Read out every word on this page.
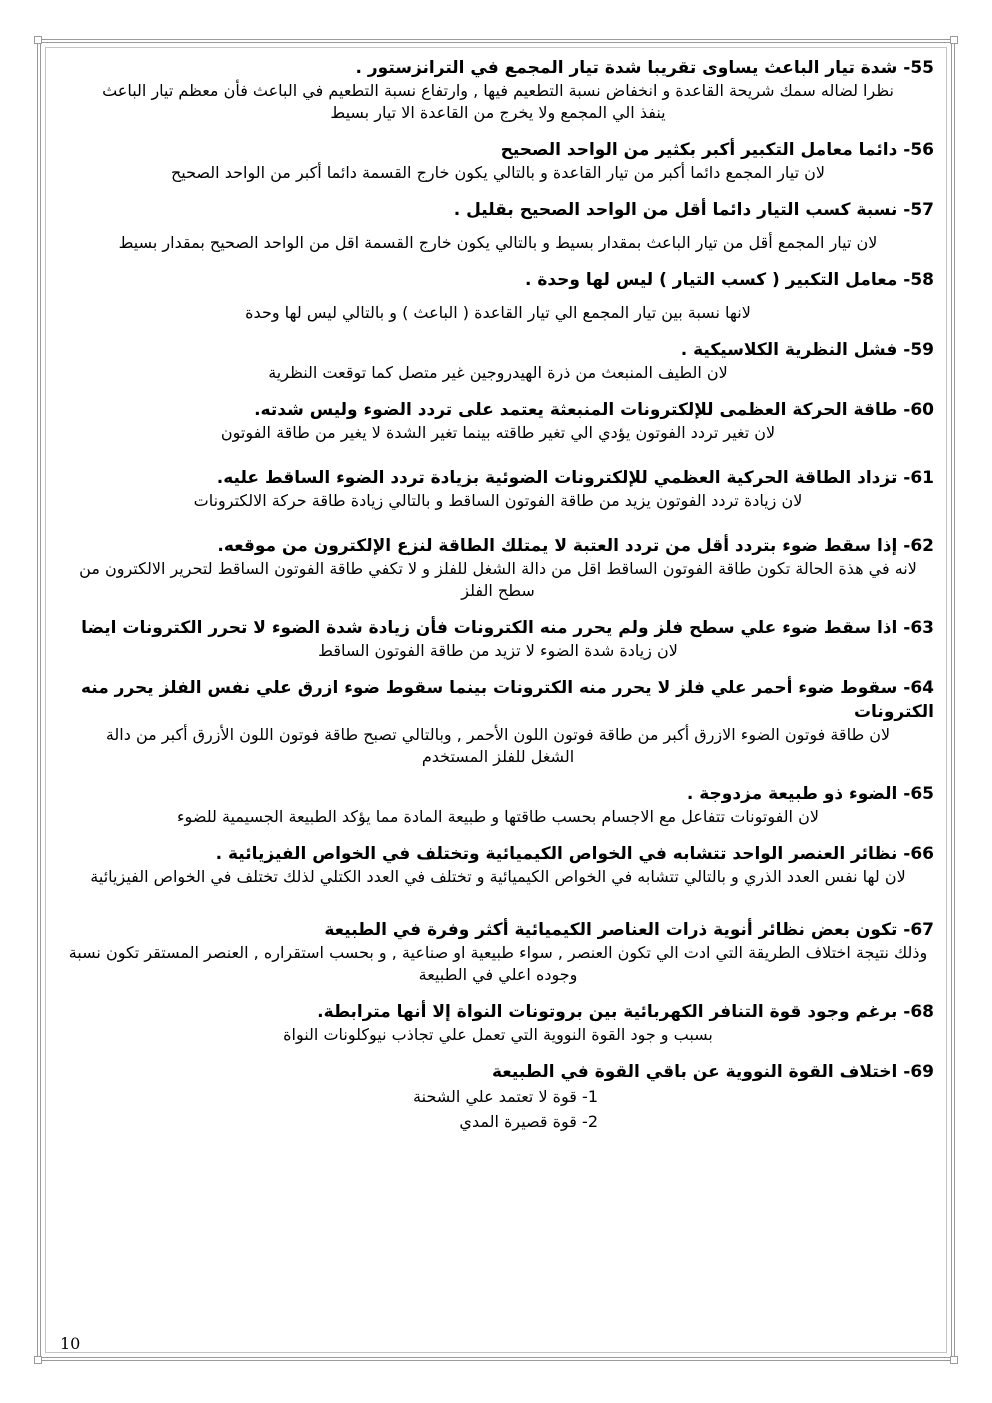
55- شدة تيار الباعث يساوى تقريبا شدة تيار المجمع في الترانزستور .

نظرا لضاله سمك شريحة القاعدة و انخفاض نسبة التطعيم فيها , وارتفاع نسبة التطعيم في الباعث فأن معظم تيار الباعث ينفذ الي المجمع ولا يخرج من القاعدة الا تيار بسيط

56- دائما معامل التكبير أكبر بكثير من الواحد الصحيح

لان تيار المجمع دائما أكبر من تيار القاعدة و بالتالي يكون خارج القسمة دائما أكبر من الواحد الصحيح

57- نسبة كسب التيار دائما أقل من الواحد الصحيح بقليل .

لان تيار المجمع أقل من تيار الباعث بمقدار بسيط و بالتالي يكون خارج القسمة اقل من الواحد الصحيح بمقدار بسيط

58- معامل التكبير ( كسب التيار ) ليس لها وحدة .

لانها نسبة بين تيار المجمع الي تيار القاعدة ( الباعث ) و بالتالي ليس لها وحدة

59- فشل النظرية الكلاسيكية .

لان الطيف المنبعث من ذرة الهيدروجين غير متصل كما توقعت النظرية

60- طاقة الحركة العظمى للإلكترونات المنبعثة يعتمد على تردد الضوء وليس شدته.

لان تغير تردد الفوتون يؤدي الي تغير طاقته بينما تغير الشدة لا يغير من طاقة الفوتون

61- تزداد الطاقة الحركية العظمي للإلكترونات الضوئية بزيادة تردد الضوء الساقط عليه.

لان زيادة تردد الفوتون يزيد من طاقة الفوتون الساقط و بالتالي زيادة طاقة حركة الالكترونات

62- إذا سقط ضوء بتردد أقل من تردد العتبة لا يمتلك الطاقة لنزع الإلكترون من موقعه.

لانه في هذة الحالة تكون طاقة الفوتون الساقط اقل من دالة الشغل للفلز و لا تكفي طاقة الفوتون الساقط لتحرير الالكترون من سطح الفلز

63- اذا سقط ضوء علي سطح فلز ولم يحرر منه الكترونات فأن زيادة شدة الضوء لا تحرر الكترونات ايضا

لان زيادة شدة الضوء لا تزيد من طاقة الفوتون الساقط

64- سقوط ضوء أحمر علي فلز لا يحرر منه الكترونات بينما سقوط ضوء ازرق علي نفس الفلز يحرر منه الكترونات

لان طاقة فوتون الضوء الازرق أكبر من طاقة فوتون اللون الأحمر , وبالتالي تصبح طاقة فوتون اللون الأزرق أكبر من دالة الشغل للفلز المستخدم

65- الضوء ذو طبيعة مزدوجة .

لان الفوتونات تتفاعل مع الاجسام بحسب طاقتها و طبيعة المادة مما يؤكد الطبيعة الجسيمية للضوء

66- نظائر العنصر الواحد تتشابه في الخواص الكيميائية وتختلف في الخواص الفيزيائية .

لان لها نفس العدد الذري و بالتالي تتشابه في الخواص الكيميائية و تختلف في العدد الكتلي لذلك تختلف في الخواص الفيزيائية

67- تكون بعض نظائر أنوية ذرات العناصر الكيميائية أكثر وفرة في الطبيعة

وذلك نتيجة اختلاف الطريقة التي ادت الي تكون العنصر , سواء طبيعية او صناعية , و بحسب استقراره , العنصر المستقر تكون نسبة وجوده اعلي في الطبيعة

68- برغم وجود قوة التنافر الكهربائية بين بروتونات النواة إلا أنها مترابطة.

بسبب و جود القوة النووية التي تعمل علي تجاذب نيوكلونات النواة

69- اختلاف القوة النووية عن باقي القوة في الطبيعة

1- قوة لا تعتمد علي الشحنة

2- قوة قصيرة المدي

10
